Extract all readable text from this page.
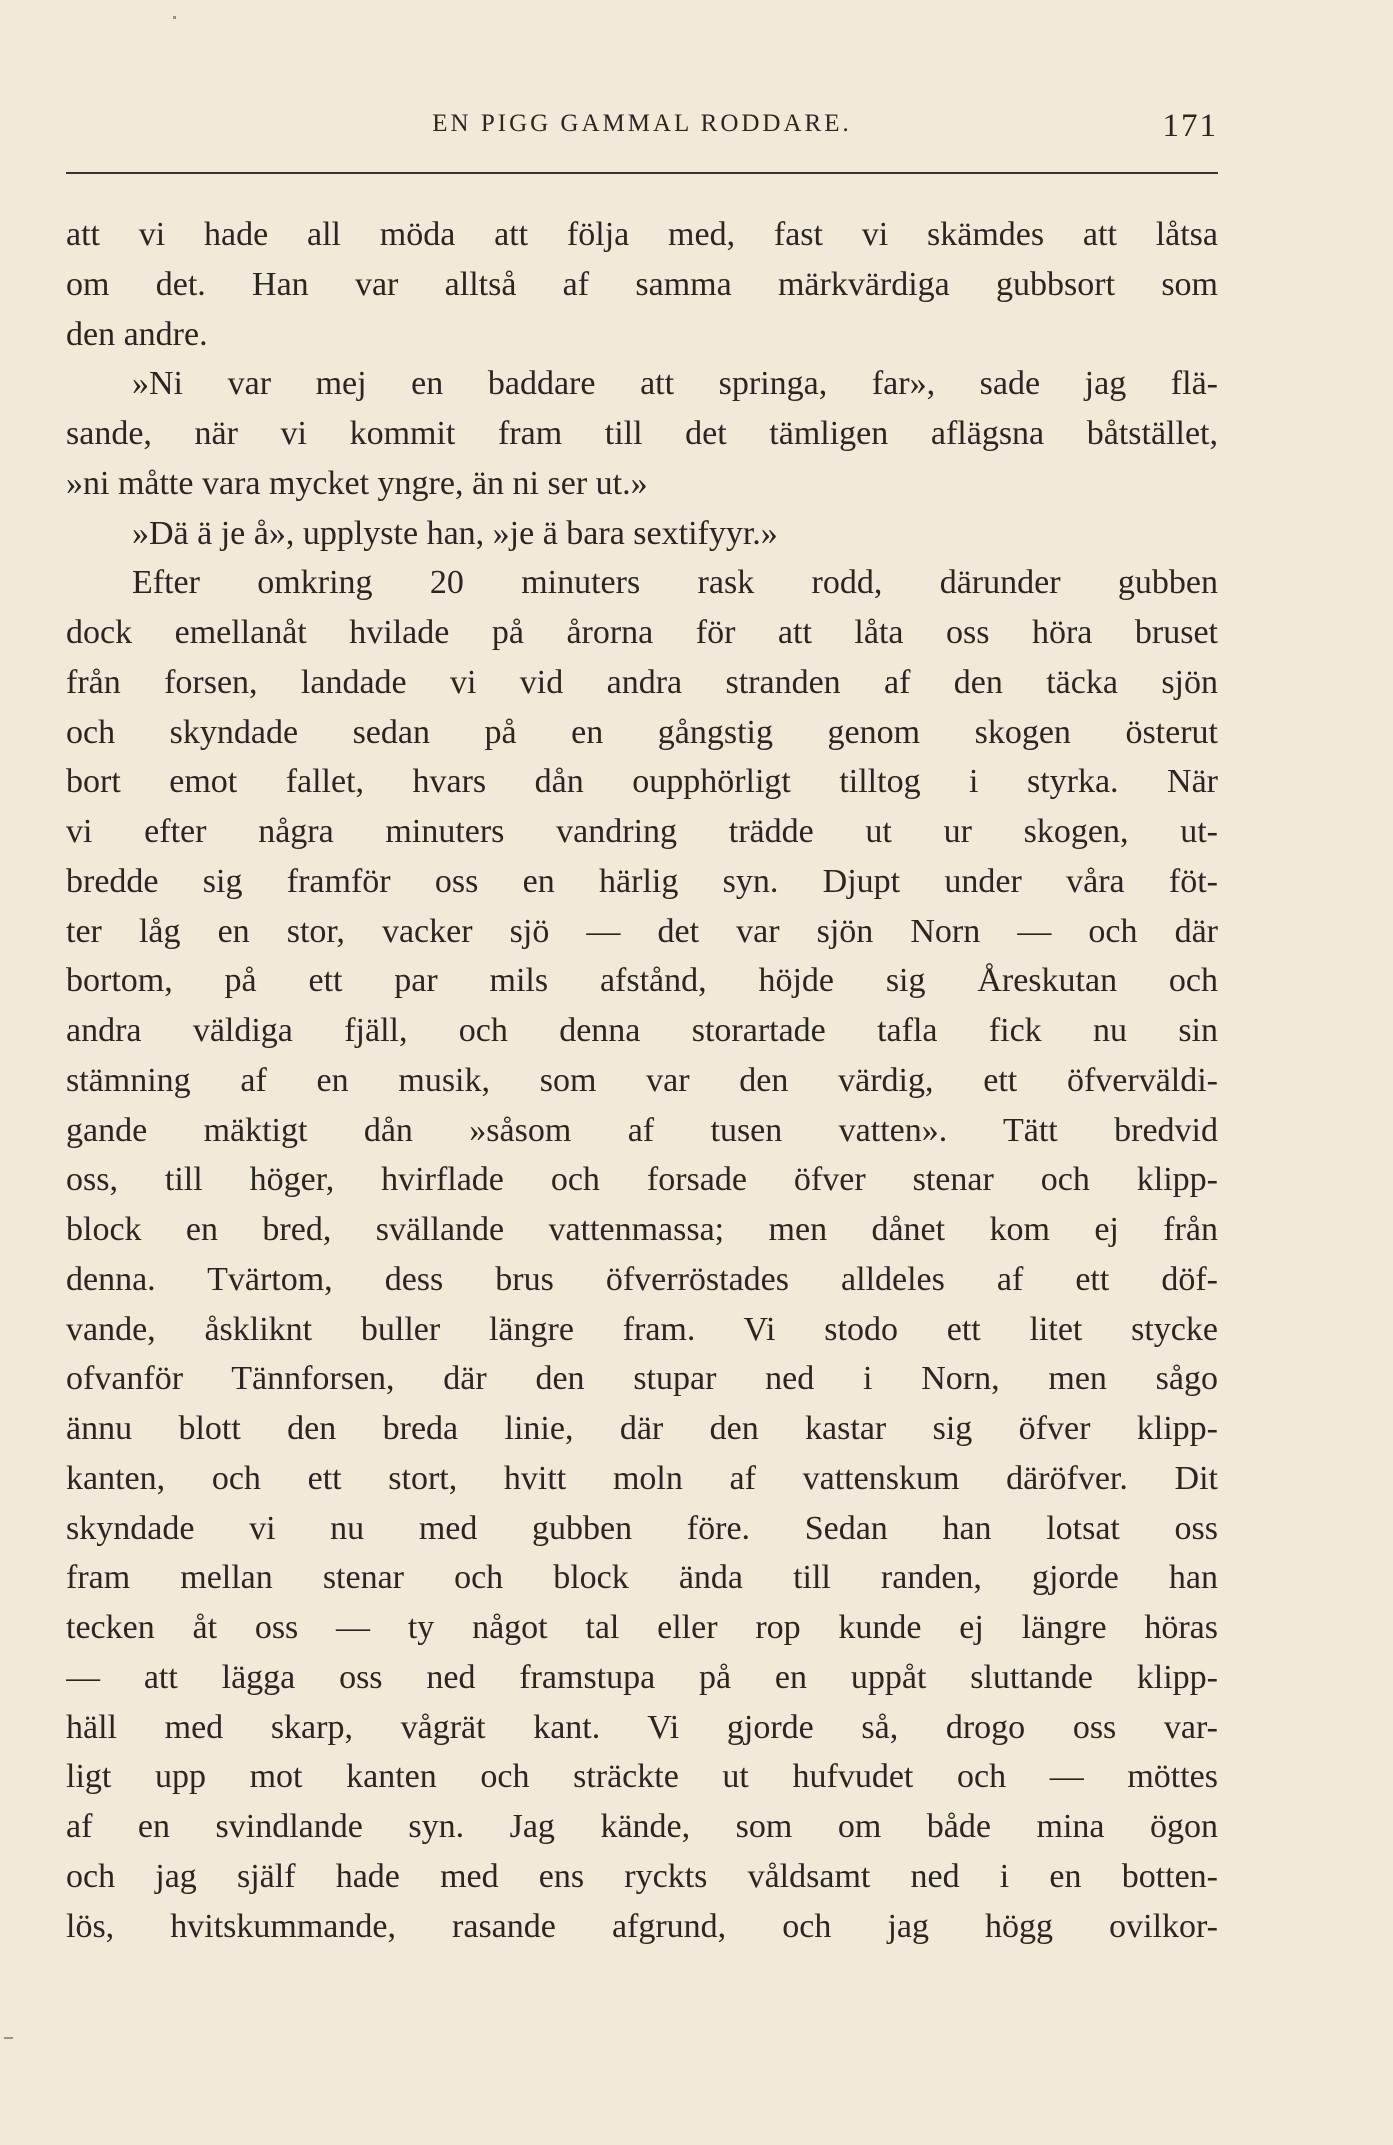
EN PIGG GAMMAL RODDARE.	171
att vi hade all möda att följa med, fast vi skämdes att låtsa
om det. Han var alltså af samma märkvärdiga gubbsort som
den andre.
»Ni var mej en baddare att springa, far», sade jag flä-
sande, när vi kommit fram till det tämligen aflägsna båtstället,
»ni måtte vara mycket yngre, än ni ser ut.»
»Dä ä je å», upplyste han, »je ä bara sextifyyr.»
Efter omkring 20 minuters rask rodd, därunder gubben
dock emellanåt hvilade på årorna för att låta oss höra bruset
från forsen, landade vi vid andra stranden af den täcka sjön
och skyndade sedan på en gångstig genom skogen österut
bort emot fallet, hvars dån oupphörligt tilltog i styrka. När
vi efter några minuters vandring trädde ut ur skogen, ut-
bredde sig framför oss en härlig syn. Djupt under våra föt-
ter låg en stor, vacker sjö — det var sjön Norn — och där
bortom, på ett par mils afstånd, höjde sig Åreskutan och
andra väldiga fjäll, och denna storartade tafla fick nu sin
stämning af en musik, som var den värdig, ett öfverväldi-
gande mäktigt dån »såsom af tusen vatten». Tätt bredvid
oss, till höger, hvirflade och forsade öfver stenar och klipp-
block en bred, svällande vattenmassa; men dånet kom ej från
denna. Tvärtom, dess brus öfverröstades alldeles af ett döf-
vande, åskliknt buller längre fram. Vi stodo ett litet stycke
ofvanför Tännforsen, där den stupar ned i Norn, men sågo
ännu blott den breda linie, där den kastar sig öfver klipp-
kanten, och ett stort, hvitt moln af vattenskum däröfver. Dit
skyndade vi nu med gubben före. Sedan han lotsat oss
fram mellan stenar och block ända till randen, gjorde han
tecken åt oss — ty något tal eller rop kunde ej längre höras
— att lägga oss ned framstupa på en uppåt sluttande klipp-
häll med skarp, vågrät kant. Vi gjorde så, drogo oss var-
ligt upp mot kanten och sträckte ut hufvudet och — möttes
af en svindlande syn. Jag kände, som om både mina ögon
och jag själf hade med ens ryckts våldsamt ned i en botten-
lös, hvitskummande, rasande afgrund, och jag högg ovilkor-
